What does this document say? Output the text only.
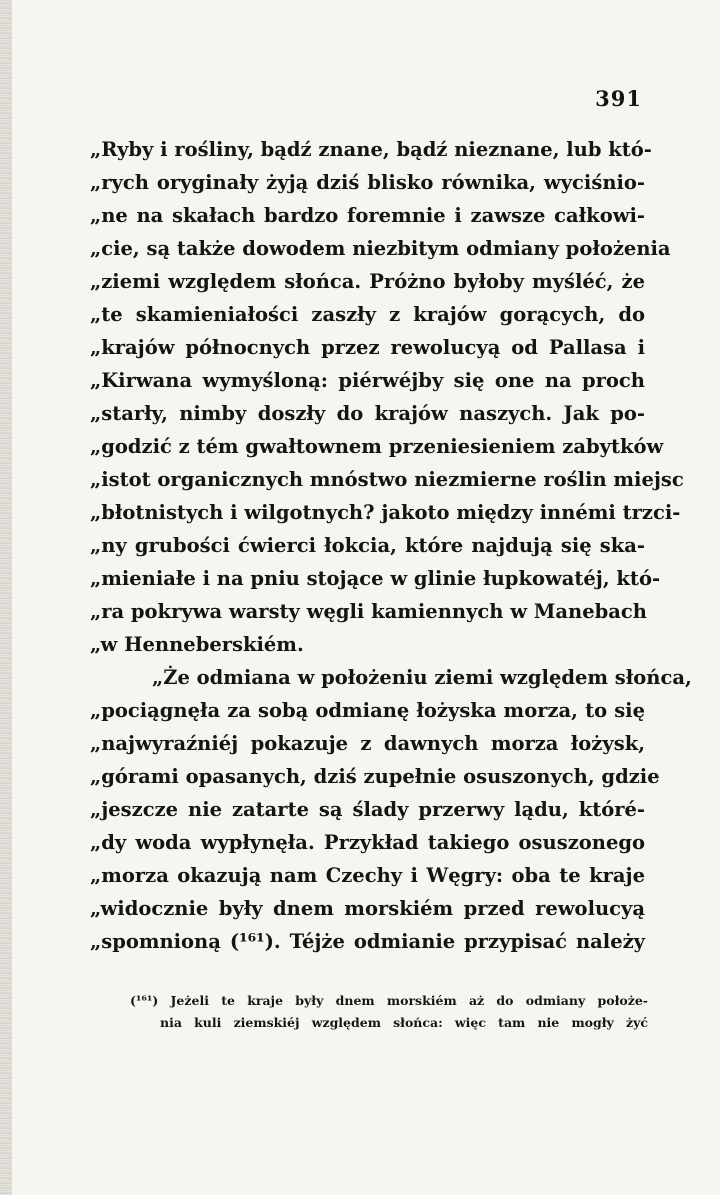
391
„Ryby i rośliny, bądź znane, bądź nieznane, lub któ-
„rych oryginały żyją dziś blisko równika, wyciśnio-
„ne na skałach bardzo foremnie i zawsze całkowi-
„cie, są także dowodem niezbitym odmiany położenia
„ziemi względem słońca. Próżno byłoby myśléć, że
„te skamieniałości zaszły z krajów gorących, do
„krajów północnych przez rewolucyą od Pallasa i
„Kirwana wymyśloną: piérwéjby się one na proch
„starły, nimby doszły do krajów naszych. Jak po-
„godzić z tém gwałtownem przeniesieniem zabytków
„istot organicznych mnóstwo niezmierne roślin miejsc
„błotnistych i wilgotnych? jakoto między innémi trzci-
„ny grubości ćwierci łokcia, które najdują się ska-
„mieniałe i na pniu stojące w glinie łupkowatéj, któ-
„ra pokrywa warsty węgli kamiennych w Manebach
„w Henneberskiém.
„Że odmiana w położeniu ziemi względem słońca,
„pociągnęła za sobą odmianę łożyska morza, to się
„najwyraźniéj pokazuje z dawnych morza łożysk,
„górami opasanych, dziś zupełnie osuszonych, gdzie
„jeszcze nie zatarte są ślady przerwy lądu, któré-
„dy woda wypłynęła. Przykład takiego osuszonego
„morza okazują nam Czechy i Węgry: oba te kraje
„widocznie były dnem morskiém przed rewolucyą
„spomnioną (¹⁶¹). Téjże odmianie przypisać należy
(¹⁶¹) Jeżeli te kraje były dnem morskiém aż do odmiany położe-
nia kuli ziemskiéj względem słońca: więc tam nie mogły żyć
